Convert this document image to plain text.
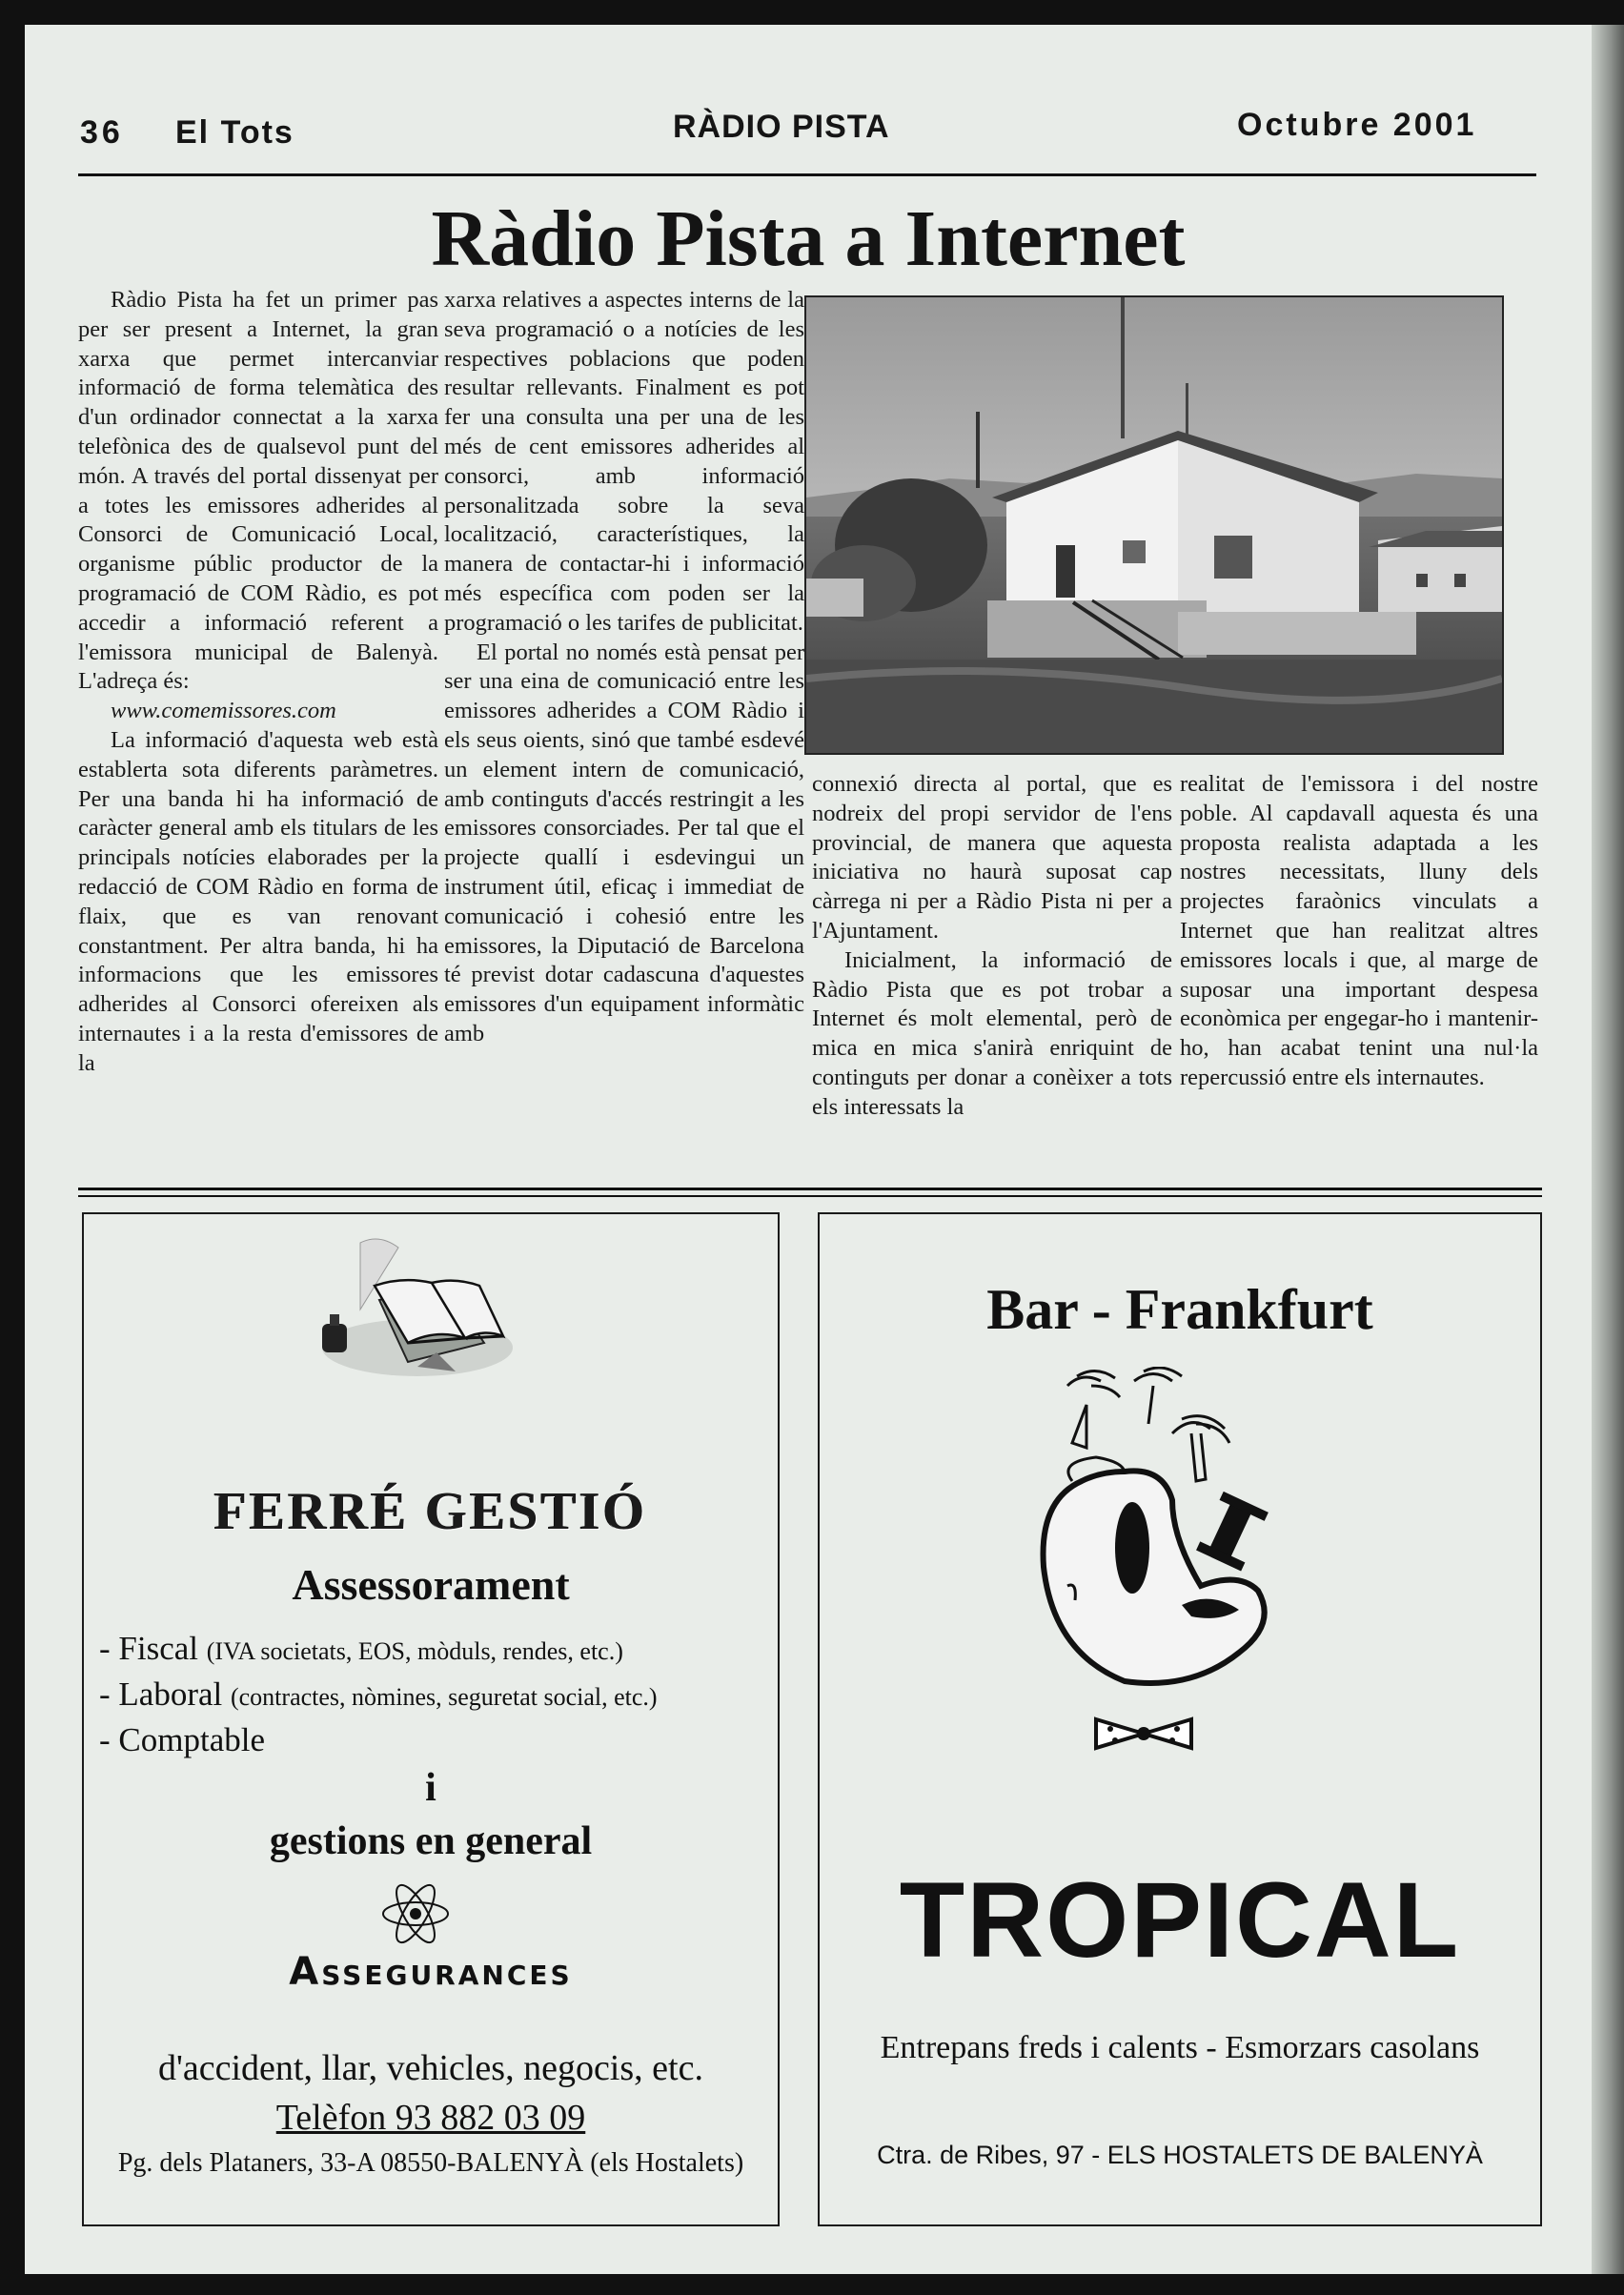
36 El Tots	RÀDIO PISTA	Octubre 2001
Ràdio Pista a Internet

Ràdio Pista ha fet un primer pas per ser present a Internet, la gran xarxa que permet intercanviar informació de forma telemàtica des d'un ordinador connectat a la xarxa telefònica des de qualsevol punt del món. A través del portal dissenyat per a totes les emissores adherides al Consorci de Comunicació Local, organisme públic productor de la programació de COM Ràdio, es pot accedir a informació referent a l'emissora municipal de Balenyà. L'adreça és:

www.comemissores.com

La informació d'aquesta web està establerta sota diferents paràmetres. Per una banda hi ha informació de caràcter general amb els titulars de les principals notícies elaborades per la redacció de COM Ràdio en forma de flaix, que es van renovant constantment. Per altra banda, hi ha informacions que les emissores adherides al Consorci ofereixen als internautes i a la resta d'emissores de la

xarxa relatives a aspectes interns de la seva programació o a notícies de les respectives poblacions que poden resultar rellevants. Finalment es pot fer una consulta una per una de les més de cent emissores adherides al consorci, amb informació personalitzada sobre la seva localització, característiques, la manera de contactar-hi i informació més específica com poden ser la programació o les tarifes de publicitat.

El portal no només està pensat per ser una eina de comunicació entre les emissores adherides a COM Ràdio i els seus oients, sinó que també esdevé un element intern de comunicació, amb continguts d'accés restringit a les emissores consorciades. Per tal que el projecte quallí i esdevingui un instrument útil, eficaç i immediat de comunicació i cohesió entre les emissores, la Diputació de Barcelona té previst dotar cadascuna d'aquestes emissores d'un equipament informàtic amb

connexió directa al portal, que es nodreix del propi servidor de l'ens provincial, de manera que aquesta iniciativa no haurà suposat cap càrrega ni per a Ràdio Pista ni per a l'Ajuntament.

Inicialment, la informació de Ràdio Pista que es pot trobar a Internet és molt elemental, però de mica en mica s'anirà enriquint de continguts per donar a conèixer a tots els interessats la

realitat de l'emissora i del nostre poble. Al capdavall aquesta és una proposta realista adaptada a les nostres necessitats, lluny dels projectes faraònics vinculats a Internet que han realitzat altres emissores locals i que, al marge de suposar una important despesa econòmica per engegar-ho i mantenir-ho, han acabat tenint una nul·la repercussió entre els internautes.

FERRÉ GESTIÓ
Assessorament
- Fiscal (IVA societats, EOS, mòduls, rendes, etc.)
- Laboral (contractes, nòmines, seguretat social, etc.)
- Comptable
i
gestions en general
Assegurances
d'accident, llar, vehicles, negocis, etc.
Telèfon 93 882 03 09
Pg. dels Plataners, 33-A 08550-BALENYÀ (els Hostalets)
Bar - Frankfurt
TROPICAL
Entrepans freds i calents - Esmorzars casolans
Ctra. de Ribes, 97 - ELS HOSTALETS DE BALENYÀ
